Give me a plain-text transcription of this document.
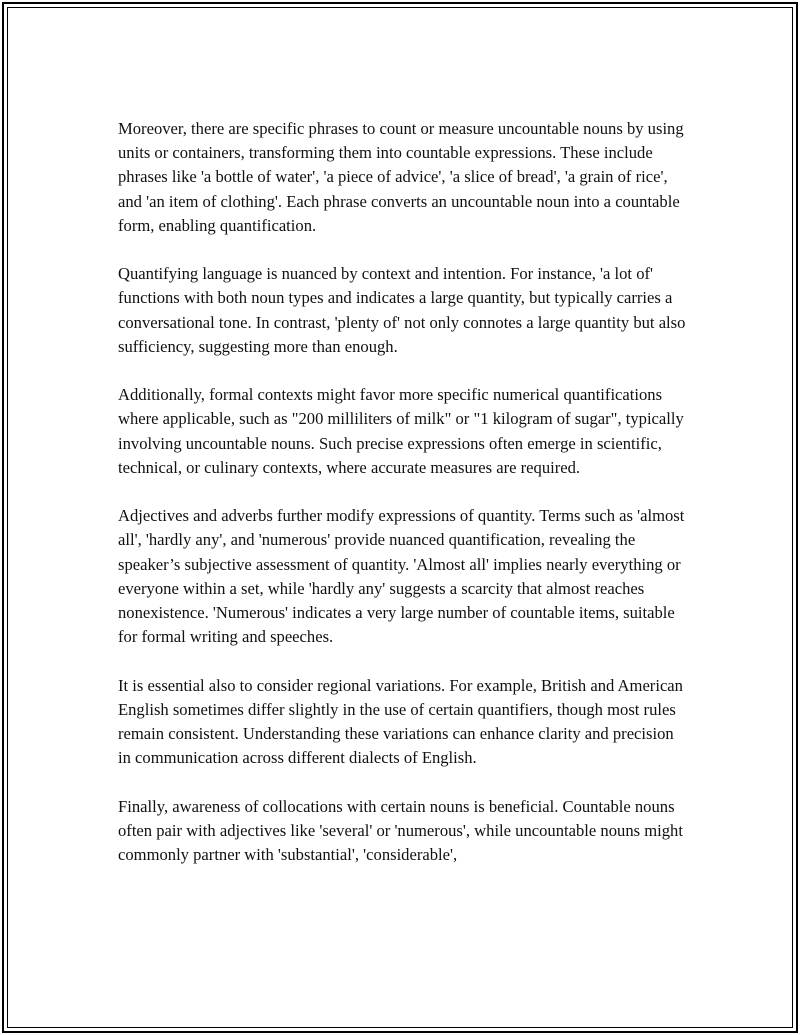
Moreover, there are specific phrases to count or measure uncountable nouns by using units or containers, transforming them into countable expressions. These include phrases like 'a bottle of water', 'a piece of advice', 'a slice of bread', 'a grain of rice', and 'an item of clothing'. Each phrase converts an uncountable noun into a countable form, enabling quantification.

Quantifying language is nuanced by context and intention. For instance, 'a lot of' functions with both noun types and indicates a large quantity, but typically carries a conversational tone. In contrast, 'plenty of' not only connotes a large quantity but also sufficiency, suggesting more than enough.

Additionally, formal contexts might favor more specific numerical quantifications where applicable, such as "200 milliliters of milk" or "1 kilogram of sugar", typically involving uncountable nouns. Such precise expressions often emerge in scientific, technical, or culinary contexts, where accurate measures are required.

Adjectives and adverbs further modify expressions of quantity. Terms such as 'almost all', 'hardly any', and 'numerous' provide nuanced quantification, revealing the speaker’s subjective assessment of quantity. 'Almost all' implies nearly everything or everyone within a set, while 'hardly any' suggests a scarcity that almost reaches nonexistence. 'Numerous' indicates a very large number of countable items, suitable for formal writing and speeches.

It is essential also to consider regional variations. For example, British and American English sometimes differ slightly in the use of certain quantifiers, though most rules remain consistent. Understanding these variations can enhance clarity and precision in communication across different dialects of English.

Finally, awareness of collocations with certain nouns is beneficial. Countable nouns often pair with adjectives like 'several' or 'numerous', while uncountable nouns might commonly partner with 'substantial', 'considerable',
